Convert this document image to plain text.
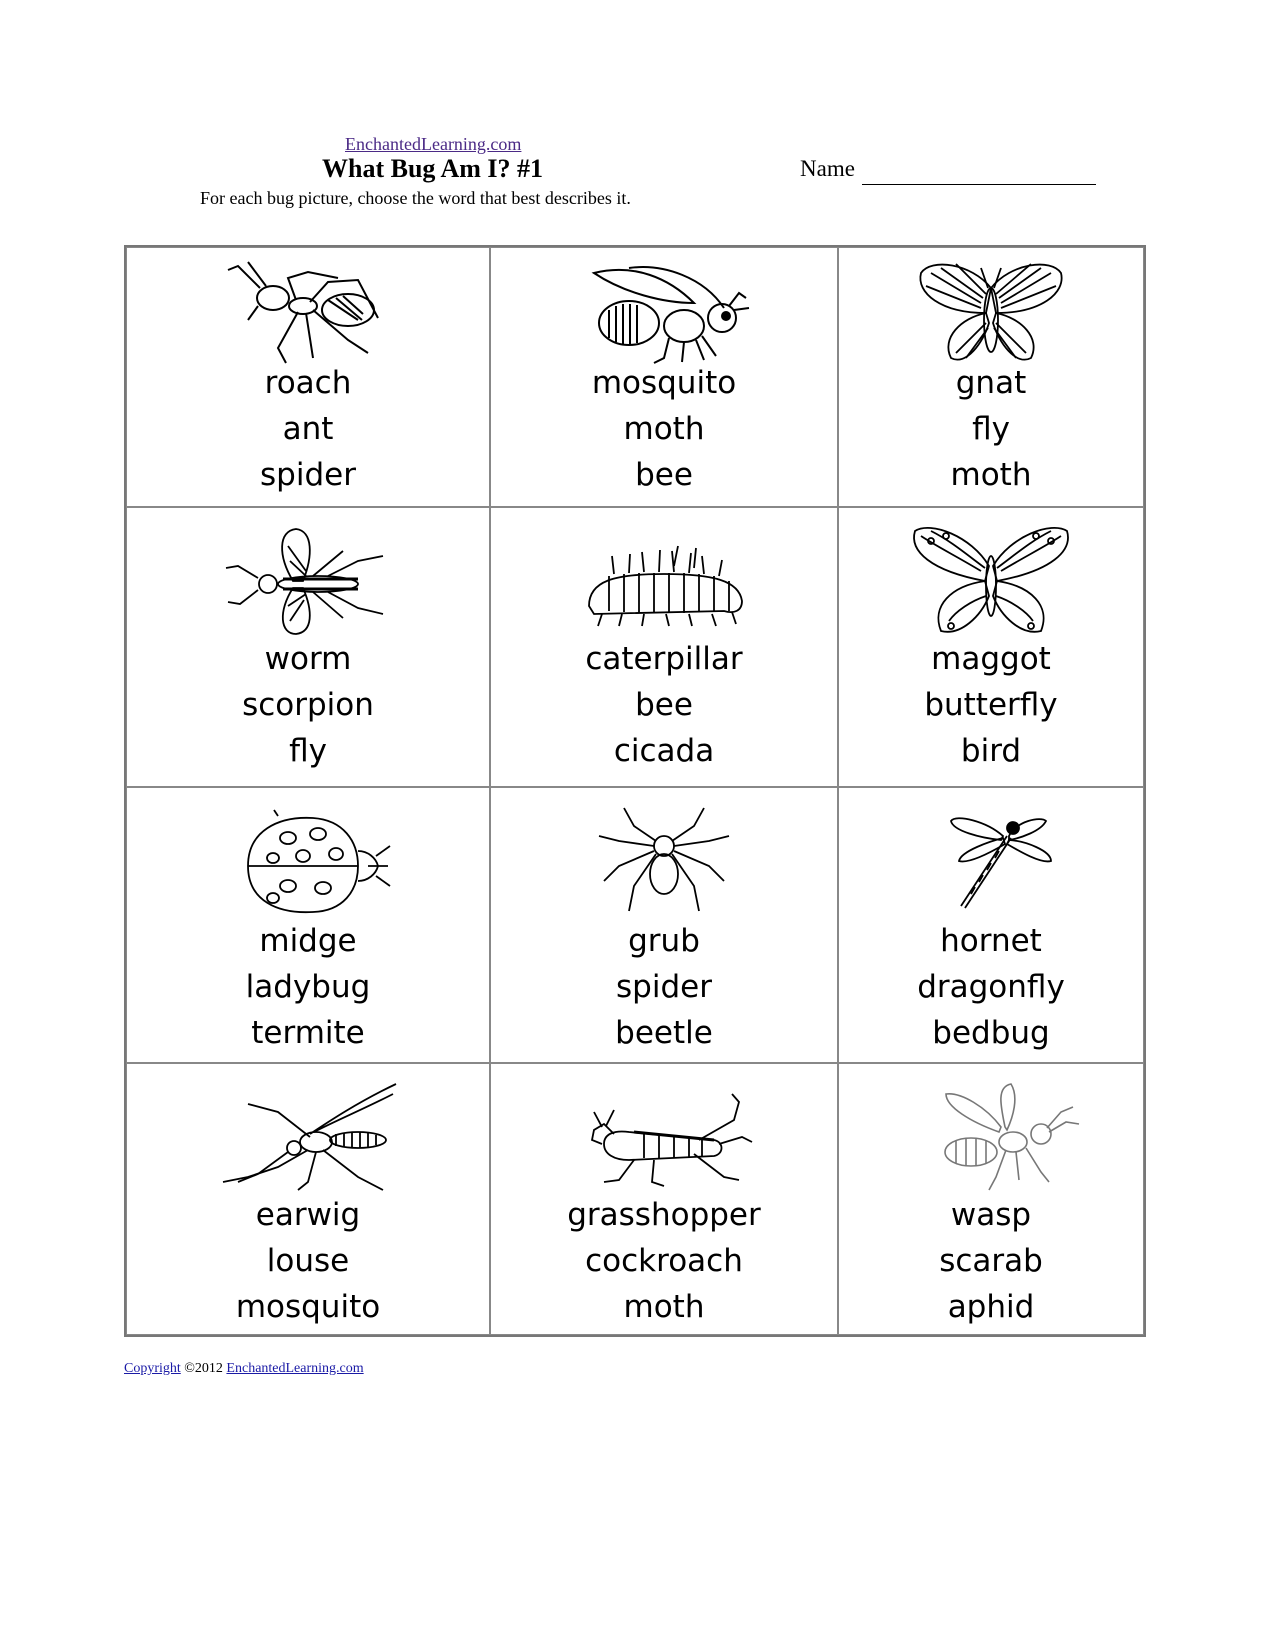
EnchantedLearning.com
What Bug Am I? #1	Name
For each bug picture, choose the word that best describes it.
roach
ant
spider
mosquito
moth
bee
gnat
fly
moth
worm
scorpion
fly
caterpillar
bee
cicada
maggot
butterfly
bird
midge
ladybug
termite
grub
spider
beetle
hornet
dragonfly
bedbug
earwig
louse
mosquito
grasshopper
cockroach
moth
wasp
scarab
aphid
Copyright ©2012 EnchantedLearning.com
